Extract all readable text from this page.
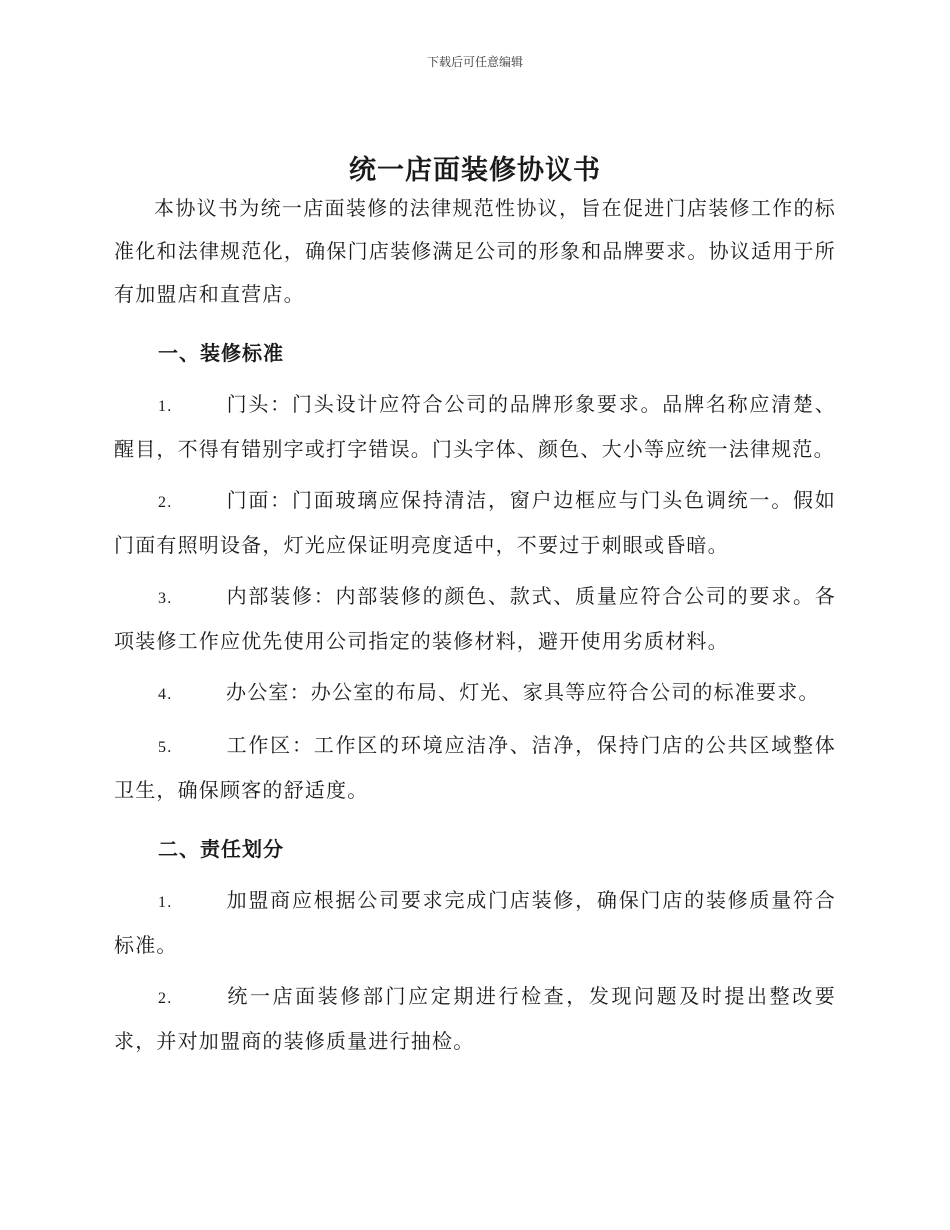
下载后可任意编辑
统一店面装修协议书

本协议书为统一店面装修的法律规范性协议，旨在促进门店装修工作的标准化和法律规范化，确保门店装修满足公司的形象和品牌要求。协议适用于所有加盟店和直营店。

一、装修标准
1.	门头：门头设计应符合公司的品牌形象要求。品牌名称应清楚、醒目，不得有错别字或打字错误。门头字体、颜色、大小等应统一法律规范。
2.	门面：门面玻璃应保持清洁，窗户边框应与门头色调统一。假如门面有照明设备，灯光应保证明亮度适中，不要过于刺眼或昏暗。
3.	内部装修：内部装修的颜色、款式、质量应符合公司的要求。各项装修工作应优先使用公司指定的装修材料，避开使用劣质材料。
4.	办公室：办公室的布局、灯光、家具等应符合公司的标准要求。
5.	工作区：工作区的环境应洁净、洁净，保持门店的公共区域整体卫生，确保顾客的舒适度。
二、责任划分
1.	加盟商应根据公司要求完成门店装修，确保门店的装修质量符合标准。
2.	统一店面装修部门应定期进行检查，发现问题及时提出整改要求，并对加盟商的装修质量进行抽检。
